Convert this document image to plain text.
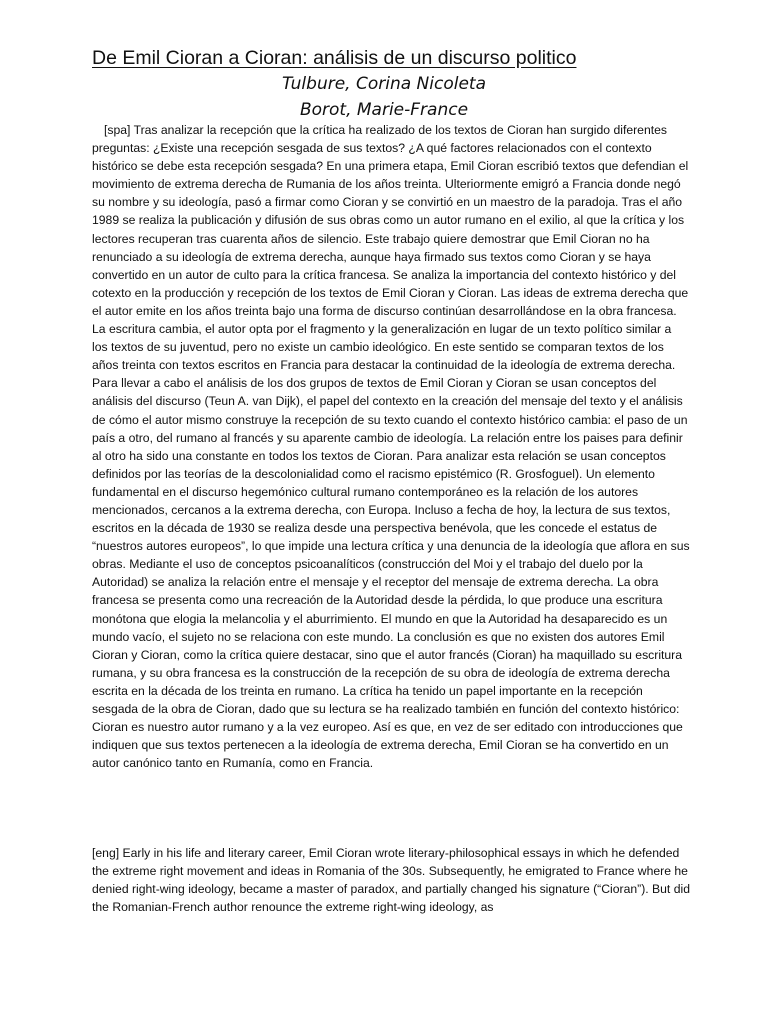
De Emil Cioran a Cioran: análisis de un discurso politico

Tulbure, Corina Nicoleta

Borot, Marie-France

[spa] Tras analizar la recepción que la crítica ha realizado de los textos de Cioran han surgido diferentes preguntas: ¿Existe una recepción sesgada de sus textos? ¿A qué factores relacionados con el contexto histórico se debe esta recepción sesgada? En una primera etapa, Emil Cioran escribió textos que defendian el movimiento de extrema derecha de Rumania de los años treinta. Ulteriormente emigró a Francia donde negó su nombre y su ideología, pasó a firmar como Cioran y se convirtió en un maestro de la paradoja. Tras el año 1989 se realiza la publicación y difusión de sus obras como un autor rumano en el exilio, al que la crítica y los lectores recuperan tras cuarenta años de silencio. Este trabajo quiere demostrar que Emil Cioran no ha renunciado a su ideología de extrema derecha, aunque haya firmado sus textos como Cioran y se haya convertido en un autor de culto para la crítica francesa. Se analiza la importancia del contexto histórico y del cotexto en la producción y recepción de los textos de Emil Cioran y Cioran. Las ideas de extrema derecha que el autor emite en los años treinta bajo una forma de discurso continúan desarrollándose en la obra francesa. La escritura cambia, el autor opta por el fragmento y la generalización en lugar de un texto político similar a los textos de su juventud, pero no existe un cambio ideológico. En este sentido se comparan textos de los años treinta con textos escritos en Francia para destacar la continuidad de la ideología de extrema derecha. Para llevar a cabo el análisis de los dos grupos de textos de Emil Cioran y Cioran se usan conceptos del análisis del discurso (Teun A. van Dijk), el papel del contexto en la creación del mensaje del texto y el análisis de cómo el autor mismo construye la recepción de su texto cuando el contexto histórico cambia: el paso de un país a otro, del rumano al francés y su aparente cambio de ideología. La relación entre los paises para definir al otro ha sido una constante en todos los textos de Cioran. Para analizar esta relación se usan conceptos definidos por las teorías de la descolonialidad como el racismo epistémico (R. Grosfoguel). Un elemento fundamental en el discurso hegemónico cultural rumano contemporáneo es la relación de los autores mencionados, cercanos a la extrema derecha, con Europa. Incluso a fecha de hoy, la lectura de sus textos, escritos en la década de 1930 se realiza desde una perspectiva benévola, que les concede el estatus de “nuestros autores europeos”, lo que impide una lectura crítica y una denuncia de la ideología que aflora en sus obras. Mediante el uso de conceptos psicoanalíticos (construcción del Moi y el trabajo del duelo por la Autoridad) se analiza la relación entre el mensaje y el receptor del mensaje de extrema derecha. La obra francesa se presenta como una recreación de la Autoridad desde la pérdida, lo que produce una escritura monótona que elogia la melancolia y el aburrimiento. El mundo en que la Autoridad ha desaparecido es un mundo vacío, el sujeto no se relaciona con este mundo. La conclusión es que no existen dos autores Emil Cioran y Cioran, como la crítica quiere destacar, sino que el autor francés (Cioran) ha maquillado su escritura rumana, y su obra francesa es la construcción de la recepción de su obra de ideología de extrema derecha escrita en la década de los treinta en rumano. La crítica ha tenido un papel importante en la recepción sesgada de la obra de Cioran, dado que su lectura se ha realizado también en función del contexto histórico: Cioran es nuestro autor rumano y a la vez europeo. Así es que, en vez de ser editado con introducciones que indiquen que sus textos pertenecen a la ideología de extrema derecha, Emil Cioran se ha convertido en un autor canónico tanto en Rumanía, como en Francia.

[eng] Early in his life and literary career, Emil Cioran wrote literary-philosophical essays in which he defended the extreme right movement and ideas in Romania of the 30s. Subsequently, he emigrated to France where he denied right-wing ideology, became a master of paradox, and partially changed his signature (“Cioran”). But did the Romanian-French author renounce the extreme right-wing ideology, as
